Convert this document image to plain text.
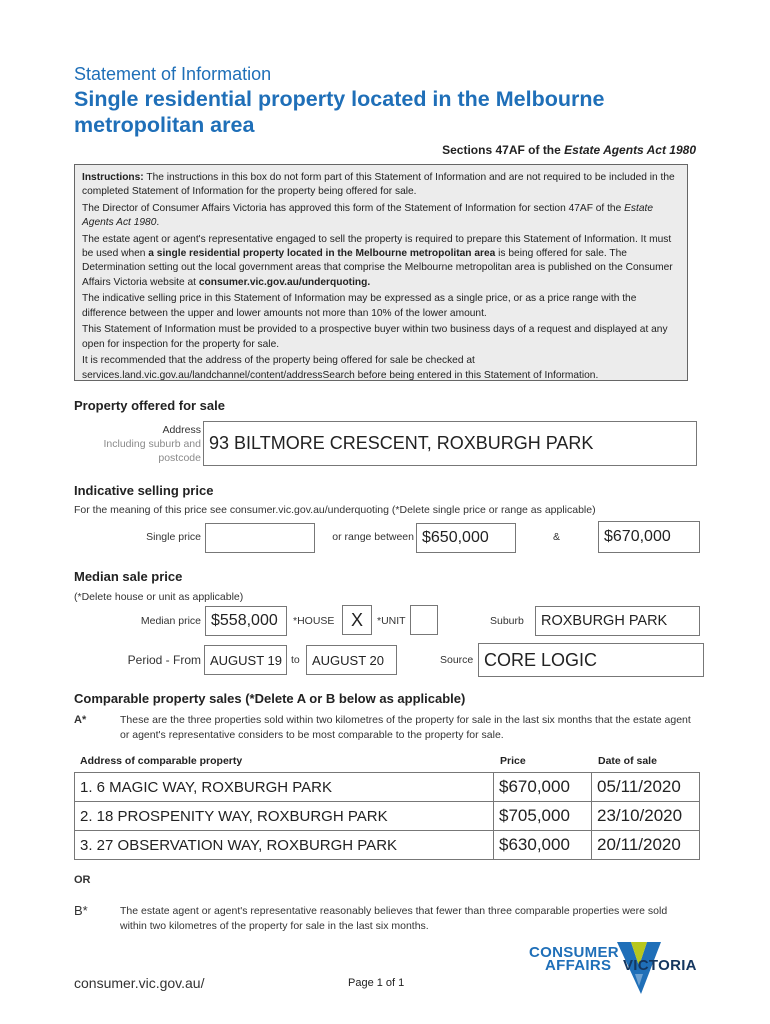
Statement of Information
Single residential property located in the Melbourne
metropolitan area
Sections 47AF of the Estate Agents Act 1980

Instructions: The instructions in this box do not form part of this Statement of Information and are not required to be included in the completed Statement of Information for the property being offered for sale.

The Director of Consumer Affairs Victoria has approved this form of the Statement of Information for section 47AF of the Estate Agents Act 1980.

The estate agent or agent's representative engaged to sell the property is required to prepare this Statement of Information. It must be used when a single residential property located in the Melbourne metropolitan area is being offered for sale. The Determination setting out the local government areas that comprise the Melbourne metropolitan area is published on the Consumer Affairs Victoria website at consumer.vic.gov.au/underquoting.

The indicative selling price in this Statement of Information may be expressed as a single price, or as a price range with the difference between the upper and lower amounts not more than 10% of the lower amount.

This Statement of Information must be provided to a prospective buyer within two business days of a request and displayed at any open for inspection for the property for sale.

It is recommended that the address of the property being offered for sale be checked at services.land.vic.gov.au/landchannel/content/addressSearch before being entered in this Statement of Information.

Property offered for sale
Address
Including suburb and
postcode
93 BILTMORE CRESCENT, ROXBURGH PARK
Indicative selling price
For the meaning of this price see consumer.vic.gov.au/underquoting (*Delete single price or range as applicable)
Single price	or range between $650,000	&	$670,000
Median sale price
(*Delete house or unit as applicable)
Median price $558,000	*HOUSE X	*UNIT	Suburb	ROXBURGH PARK
Period - From AUGUST 19 to AUGUST 20	Source CORE LOGIC
Comparable property sales (*Delete A or B below as applicable)
A*	These are the three properties sold within two kilometres of the property for sale in the last six months that the estate agent or agent's representative considers to be most comparable to the property for sale.
Address of comparable property	Price	Date of sale
1. 6 MAGIC WAY, ROXBURGH PARK	$670,000	05/11/2020
2. 18 PROSPENITY WAY, ROXBURGH PARK	$705,000	23/10/2020
3. 27 OBSERVATION WAY, ROXBURGH PARK	$630,000	20/11/2020
OR
B*	The estate agent or agent's representative reasonably believes that fewer than three comparable properties were sold within two kilometres of the property for sale in the last six months.
consumer.vic.gov.au/	Page 1 of 1
CONSUMER
AFFAIRS VICTORIA
